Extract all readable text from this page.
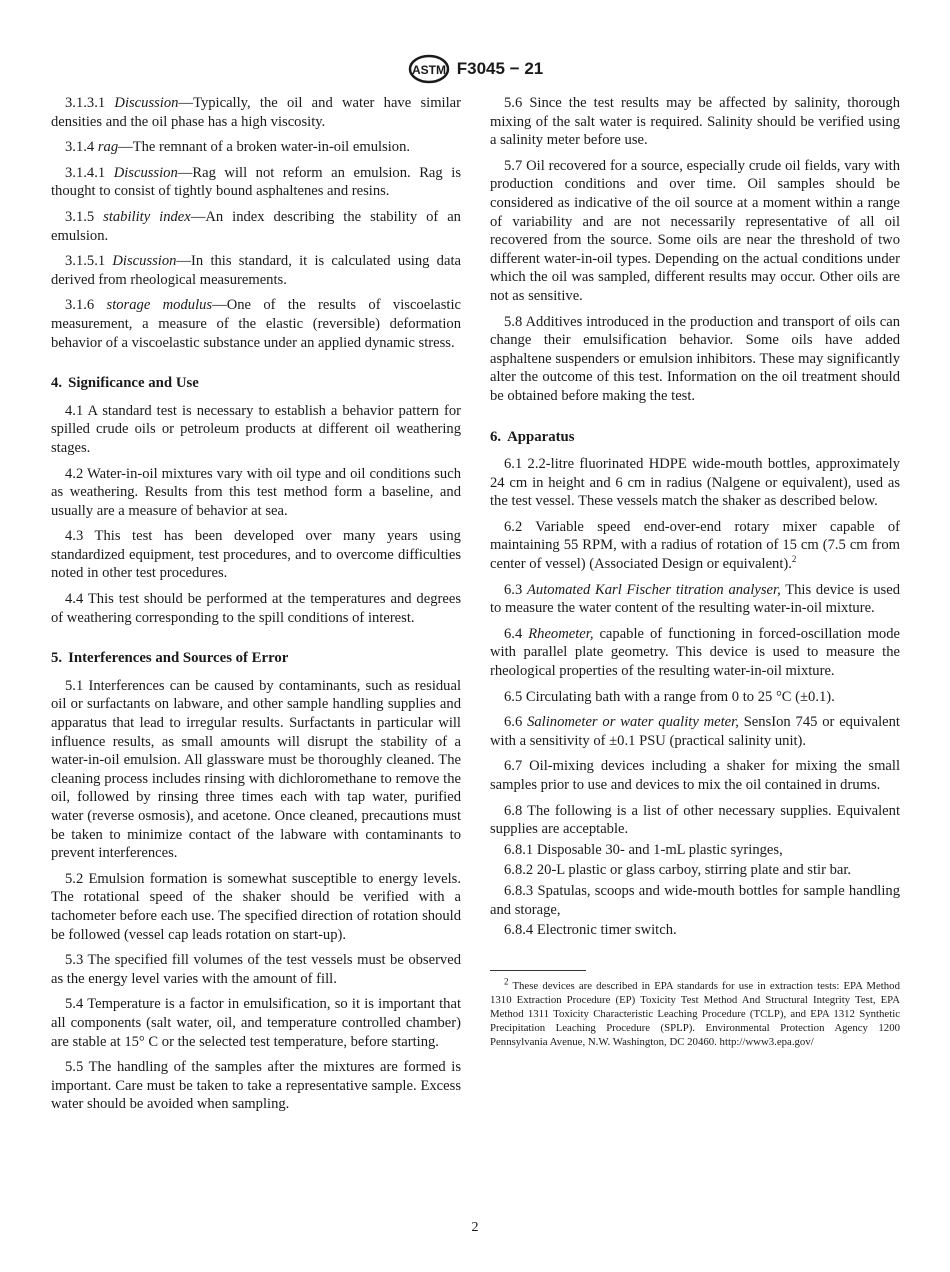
ASTM F3045 − 21

3.1.3.1 Discussion—Typically, the oil and water have similar densities and the oil phase has a high viscosity.

3.1.4 rag—The remnant of a broken water-in-oil emulsion.

3.1.4.1 Discussion—Rag will not reform an emulsion. Rag is thought to consist of tightly bound asphaltenes and resins.

3.1.5 stability index—An index describing the stability of an emulsion.

3.1.5.1 Discussion—In this standard, it is calculated using data derived from rheological measurements.

3.1.6 storage modulus—One of the results of viscoelastic measurement, a measure of the elastic (reversible) deformation behavior of a viscoelastic substance under an applied dynamic stress.

4. Significance and Use

4.1 A standard test is necessary to establish a behavior pattern for spilled crude oils or petroleum products at different oil weathering stages.

4.2 Water-in-oil mixtures vary with oil type and oil conditions such as weathering. Results from this test method form a baseline, and usually are a measure of behavior at sea.

4.3 This test has been developed over many years using standardized equipment, test procedures, and to overcome difficulties noted in other test procedures.

4.4 This test should be performed at the temperatures and degrees of weathering corresponding to the spill conditions of interest.

5. Interferences and Sources of Error

5.1 Interferences can be caused by contaminants, such as residual oil or surfactants on labware, and other sample handling supplies and apparatus that lead to irregular results. Surfactants in particular will influence results, as small amounts will disrupt the stability of a water-in-oil emulsion. All glassware must be thoroughly cleaned. The cleaning process includes rinsing with dichloromethane to remove the oil, followed by rinsing three times each with tap water, purified water (reverse osmosis), and acetone. Once cleaned, precautions must be taken to minimize contact of the labware with contaminants to prevent interferences.

5.2 Emulsion formation is somewhat susceptible to energy levels. The rotational speed of the shaker should be verified with a tachometer before each use. The specified direction of rotation should be followed (vessel cap leads rotation on start-up).

5.3 The specified fill volumes of the test vessels must be observed as the energy level varies with the amount of fill.

5.4 Temperature is a factor in emulsification, so it is important that all components (salt water, oil, and temperature controlled chamber) are stable at 15° C or the selected test temperature, before starting.

5.5 The handling of the samples after the mixtures are formed is important. Care must be taken to take a representative sample. Excess water should be avoided when sampling.

5.6 Since the test results may be affected by salinity, thorough mixing of the salt water is required. Salinity should be verified using a salinity meter before use.

5.7 Oil recovered for a source, especially crude oil fields, vary with production conditions and over time. Oil samples should be considered as indicative of the oil source at a moment within a range of variability and are not necessarily representative of all oil recovered from the source. Some oils are near the threshold of two different water-in-oil types. Depending on the actual conditions under which the oil was sampled, different results may occur. Other oils are not as sensitive.

5.8 Additives introduced in the production and transport of oils can change their emulsification behavior. Some oils have added asphaltene suspenders or emulsion inhibitors. These may significantly alter the outcome of this test. Information on the oil treatment should be obtained before making the test.

6. Apparatus

6.1 2.2-litre fluorinated HDPE wide-mouth bottles, approximately 24 cm in height and 6 cm in radius (Nalgene or equivalent), used as the test vessel. These vessels match the shaker as described below.

6.2 Variable speed end-over-end rotary mixer capable of maintaining 55 RPM, with a radius of rotation of 15 cm (7.5 cm from center of vessel) (Associated Design or equivalent).$^2$

6.3 Automated Karl Fischer titration analyser, This device is used to measure the water content of the resulting water-in-oil mixture.

6.4 Rheometer, capable of functioning in forced-oscillation mode with parallel plate geometry. This device is used to measure the rheological properties of the resulting water-in-oil mixture.

6.5 Circulating bath with a range from 0 to 25 °C (±0.1).

6.6 Salinometer or water quality meter, SensIon 745 or equivalent with a sensitivity of ±0.1 PSU (practical salinity unit).

6.7 Oil-mixing devices including a shaker for mixing the small samples prior to use and devices to mix the oil contained in drums.

6.8 The following is a list of other necessary supplies. Equivalent supplies are acceptable.

6.8.1 Disposable 30- and 1-mL plastic syringes,

6.8.2 20-L plastic or glass carboy, stirring plate and stir bar.

6.8.3 Spatulas, scoops and wide-mouth bottles for sample handling and storage,

6.8.4 Electronic timer switch.

$^2$ These devices are described in EPA standards for use in extraction tests: EPA Method 1310 Extraction Procedure (EP) Toxicity Test Method And Structural Integrity Test, EPA Method 1311 Toxicity Characteristic Leaching Procedure (TCLP), and EPA 1312 Synthetic Precipitation Leaching Procedure (SPLP). Environmental Protection Agency 1200 Pennsylvania Avenue, N.W. Washington, DC 20460. http://www3.epa.gov/

2
